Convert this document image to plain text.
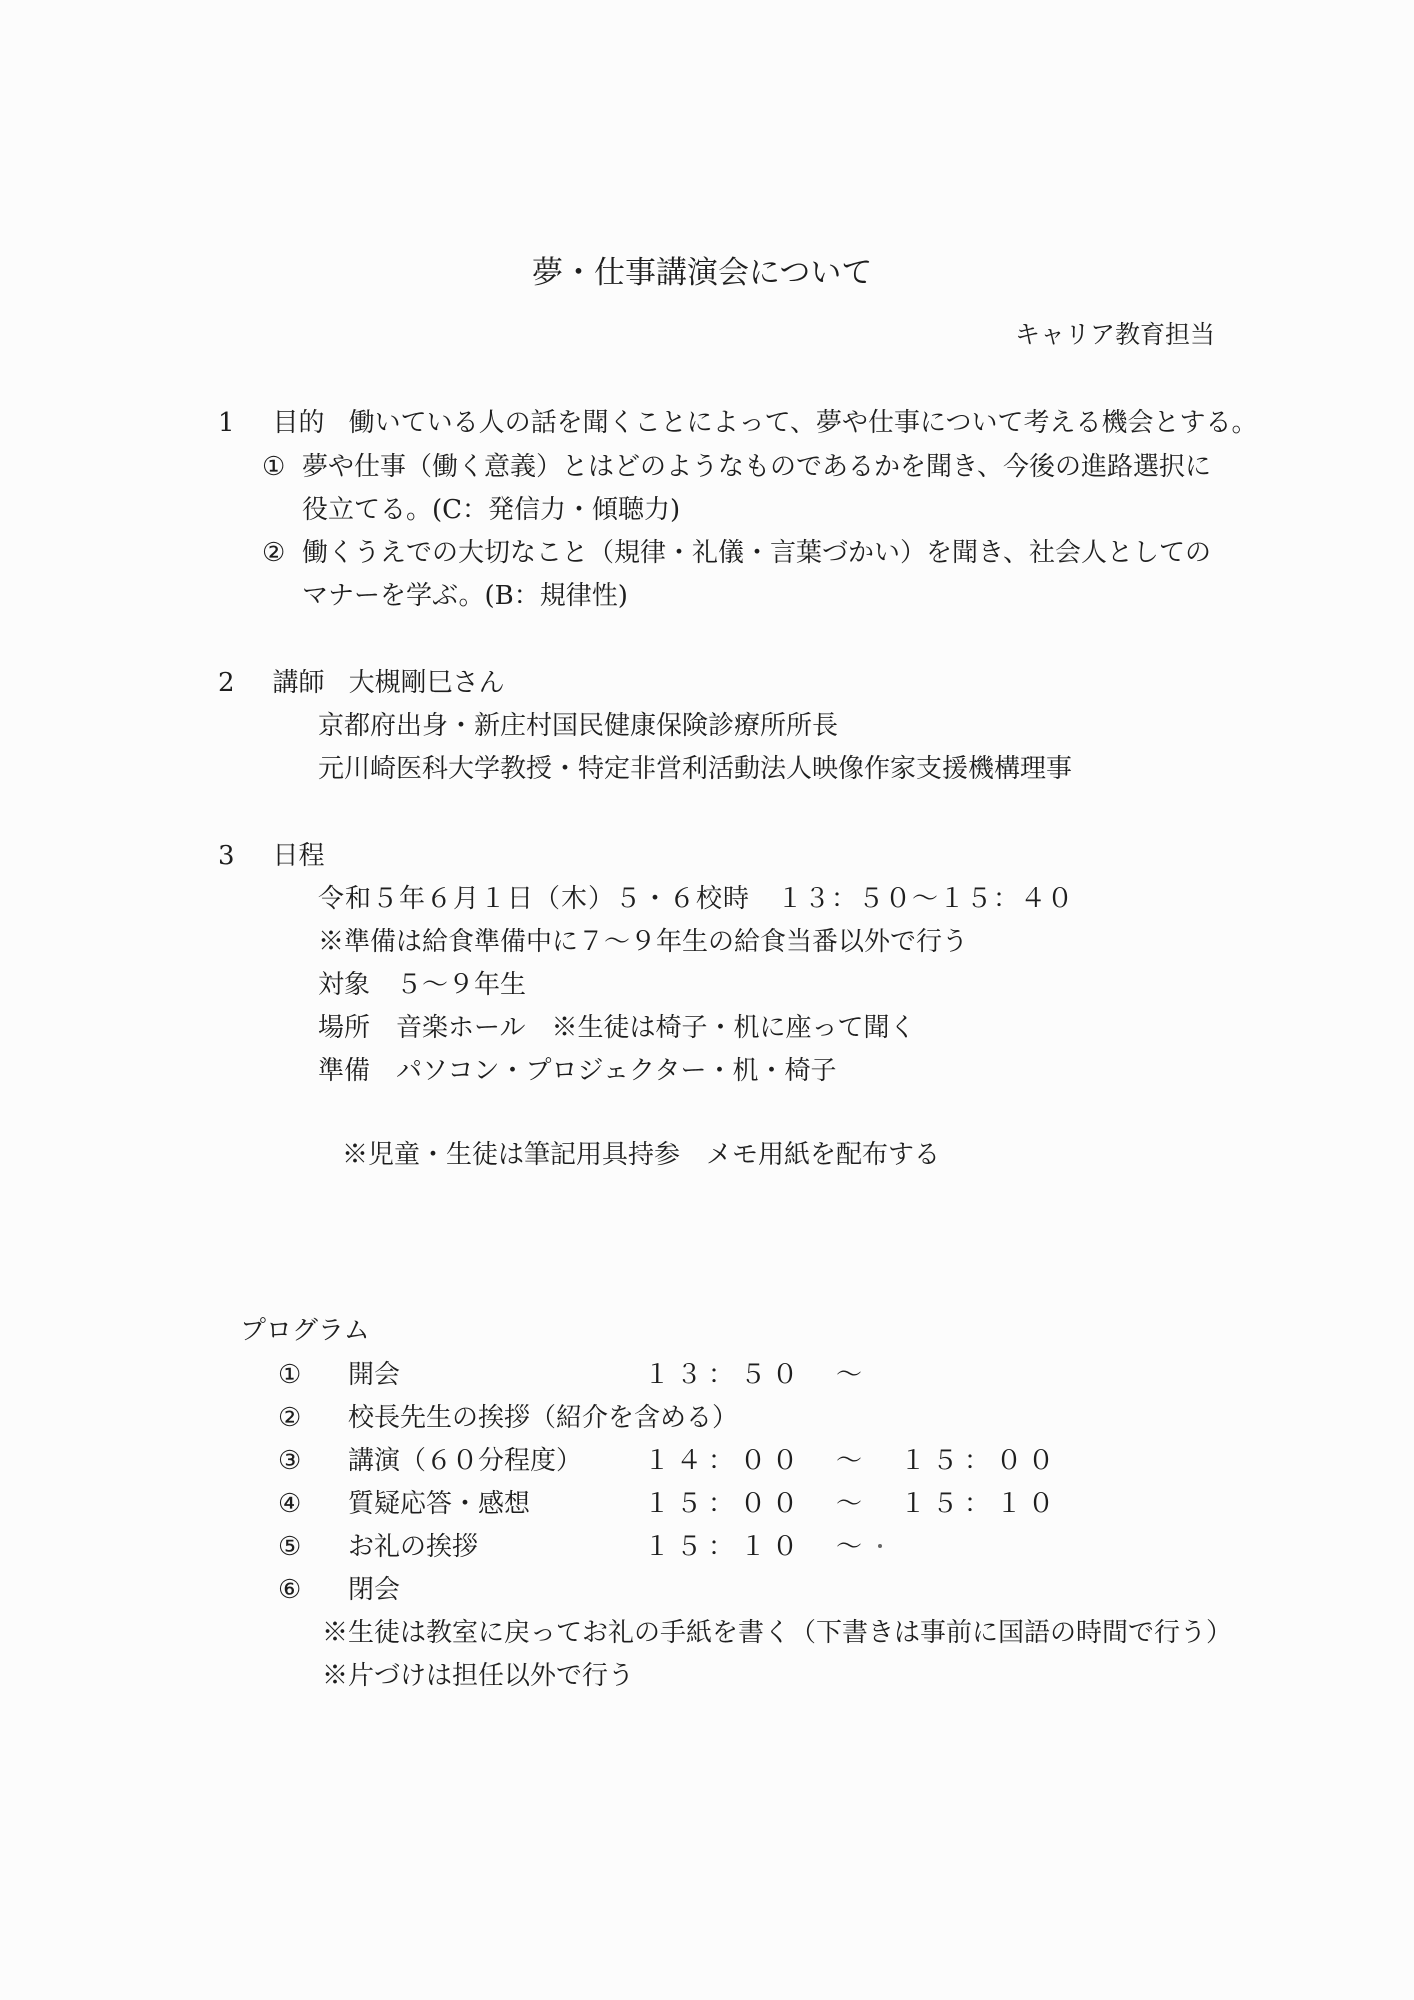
夢・仕事講演会について
キャリア教育担当
1 目的 働いている人の話を聞くことによって、夢や仕事について考える機会とする。
① 夢や仕事（働く意義）とはどのようなものであるかを聞き、今後の進路選択に
役立てる。(C：発信力・傾聴力)
② 働くうえでの大切なこと（規律・礼儀・言葉づかい）を聞き、社会人としての
マナーを学ぶ。(B：規律性)
2 講師 大槻剛巳さん
京都府出身・新庄村国民健康保険診療所所長
元川崎医科大学教授・特定非営利活動法人映像作家支援機構理事
3 日程
令和５年６月１日（木）５・６校時　１３：５０～１５：４０
※準備は給食準備中に７～９年生の給食当番以外で行う
対象 ５～９年生
場所 音楽ホール　※生徒は椅子・机に座って聞く
準備 パソコン・プロジェクター・机・椅子
※児童・生徒は筆記用具持参　メモ用紙を配布する
プログラム
① 開会	１３：５０　～
② 校長先生の挨拶（紹介を含める）
③ 講演（６０分程度） １４：００　～　１５：００
④ 質疑応答・感想	１５：００　～　１５：１０
⑤ お礼の挨拶	１５：１０　～
⑥ 閉会
※生徒は教室に戻ってお礼の手紙を書く（下書きは事前に国語の時間で行う）
※片づけは担任以外で行う
